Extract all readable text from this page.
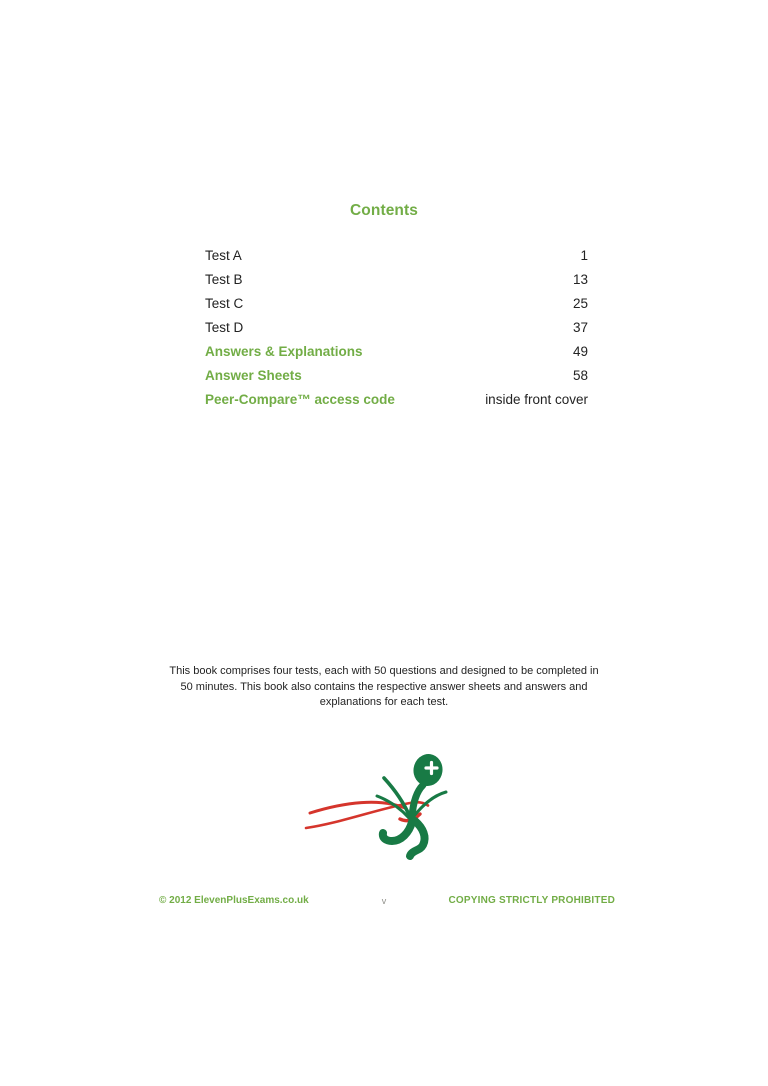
Contents
Test A	1
Test B	13
Test C	25
Test D	37
Answers & Explanations	49
Answer Sheets	58
Peer-Compare™ access code	inside front cover
This book comprises four tests, each with 50 questions and designed to be completed in
50 minutes. This book also contains the respective answer sheets and answers and
explanations for each test.
© 2012 ElevenPlusExams.co.uk	v	COPYING STRICTLY PROHIBITED
